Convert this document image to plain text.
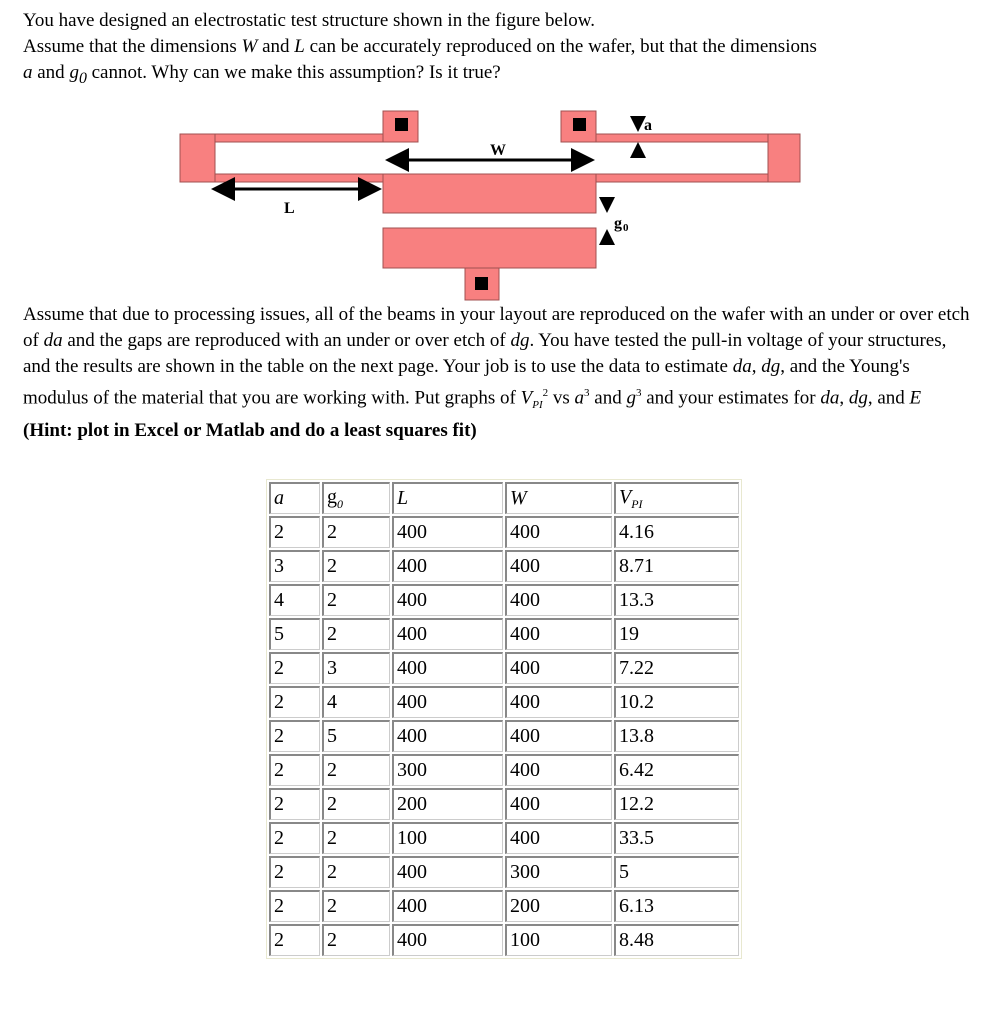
You have designed an electrostatic test structure shown in the figure below.
Assume that the dimensions W and L can be accurately reproduced on the wafer, but that the dimensions
a and $g_0$ cannot. Why can we make this assumption? Is it true?
W
L
a
g 0
Assume that due to processing issues, all of the beams in your layout are reproduced on the wafer with an under or over etch of da and the gaps are reproduced with an under or over etch of dg. You have tested the pull-in voltage of your structures, and the results are shown in the table on the next page. Your job is to use the data to estimate da, dg, and the Young's modulus of the material that you are working with. Put graphs of $V_{PI}^2$ vs $a^3$ and $g^3$ and your estimates for da, dg, and E (Hint: plot in Excel or Matlab and do a least squares fit)
a	$g_0$	L	W	$V_{PI}$
2	2	400	400	4.16
3	2	400	400	8.71
4	2	400	400	13.3
5	2	400	400	19
2	3	400	400	7.22
2	4	400	400	10.2
2	5	400	400	13.8
2	2	300	400	6.42
2	2	200	400	12.2
2	2	100	400	33.5
2	2	400	300	5
2	2	400	200	6.13
2	2	400	100	8.48
